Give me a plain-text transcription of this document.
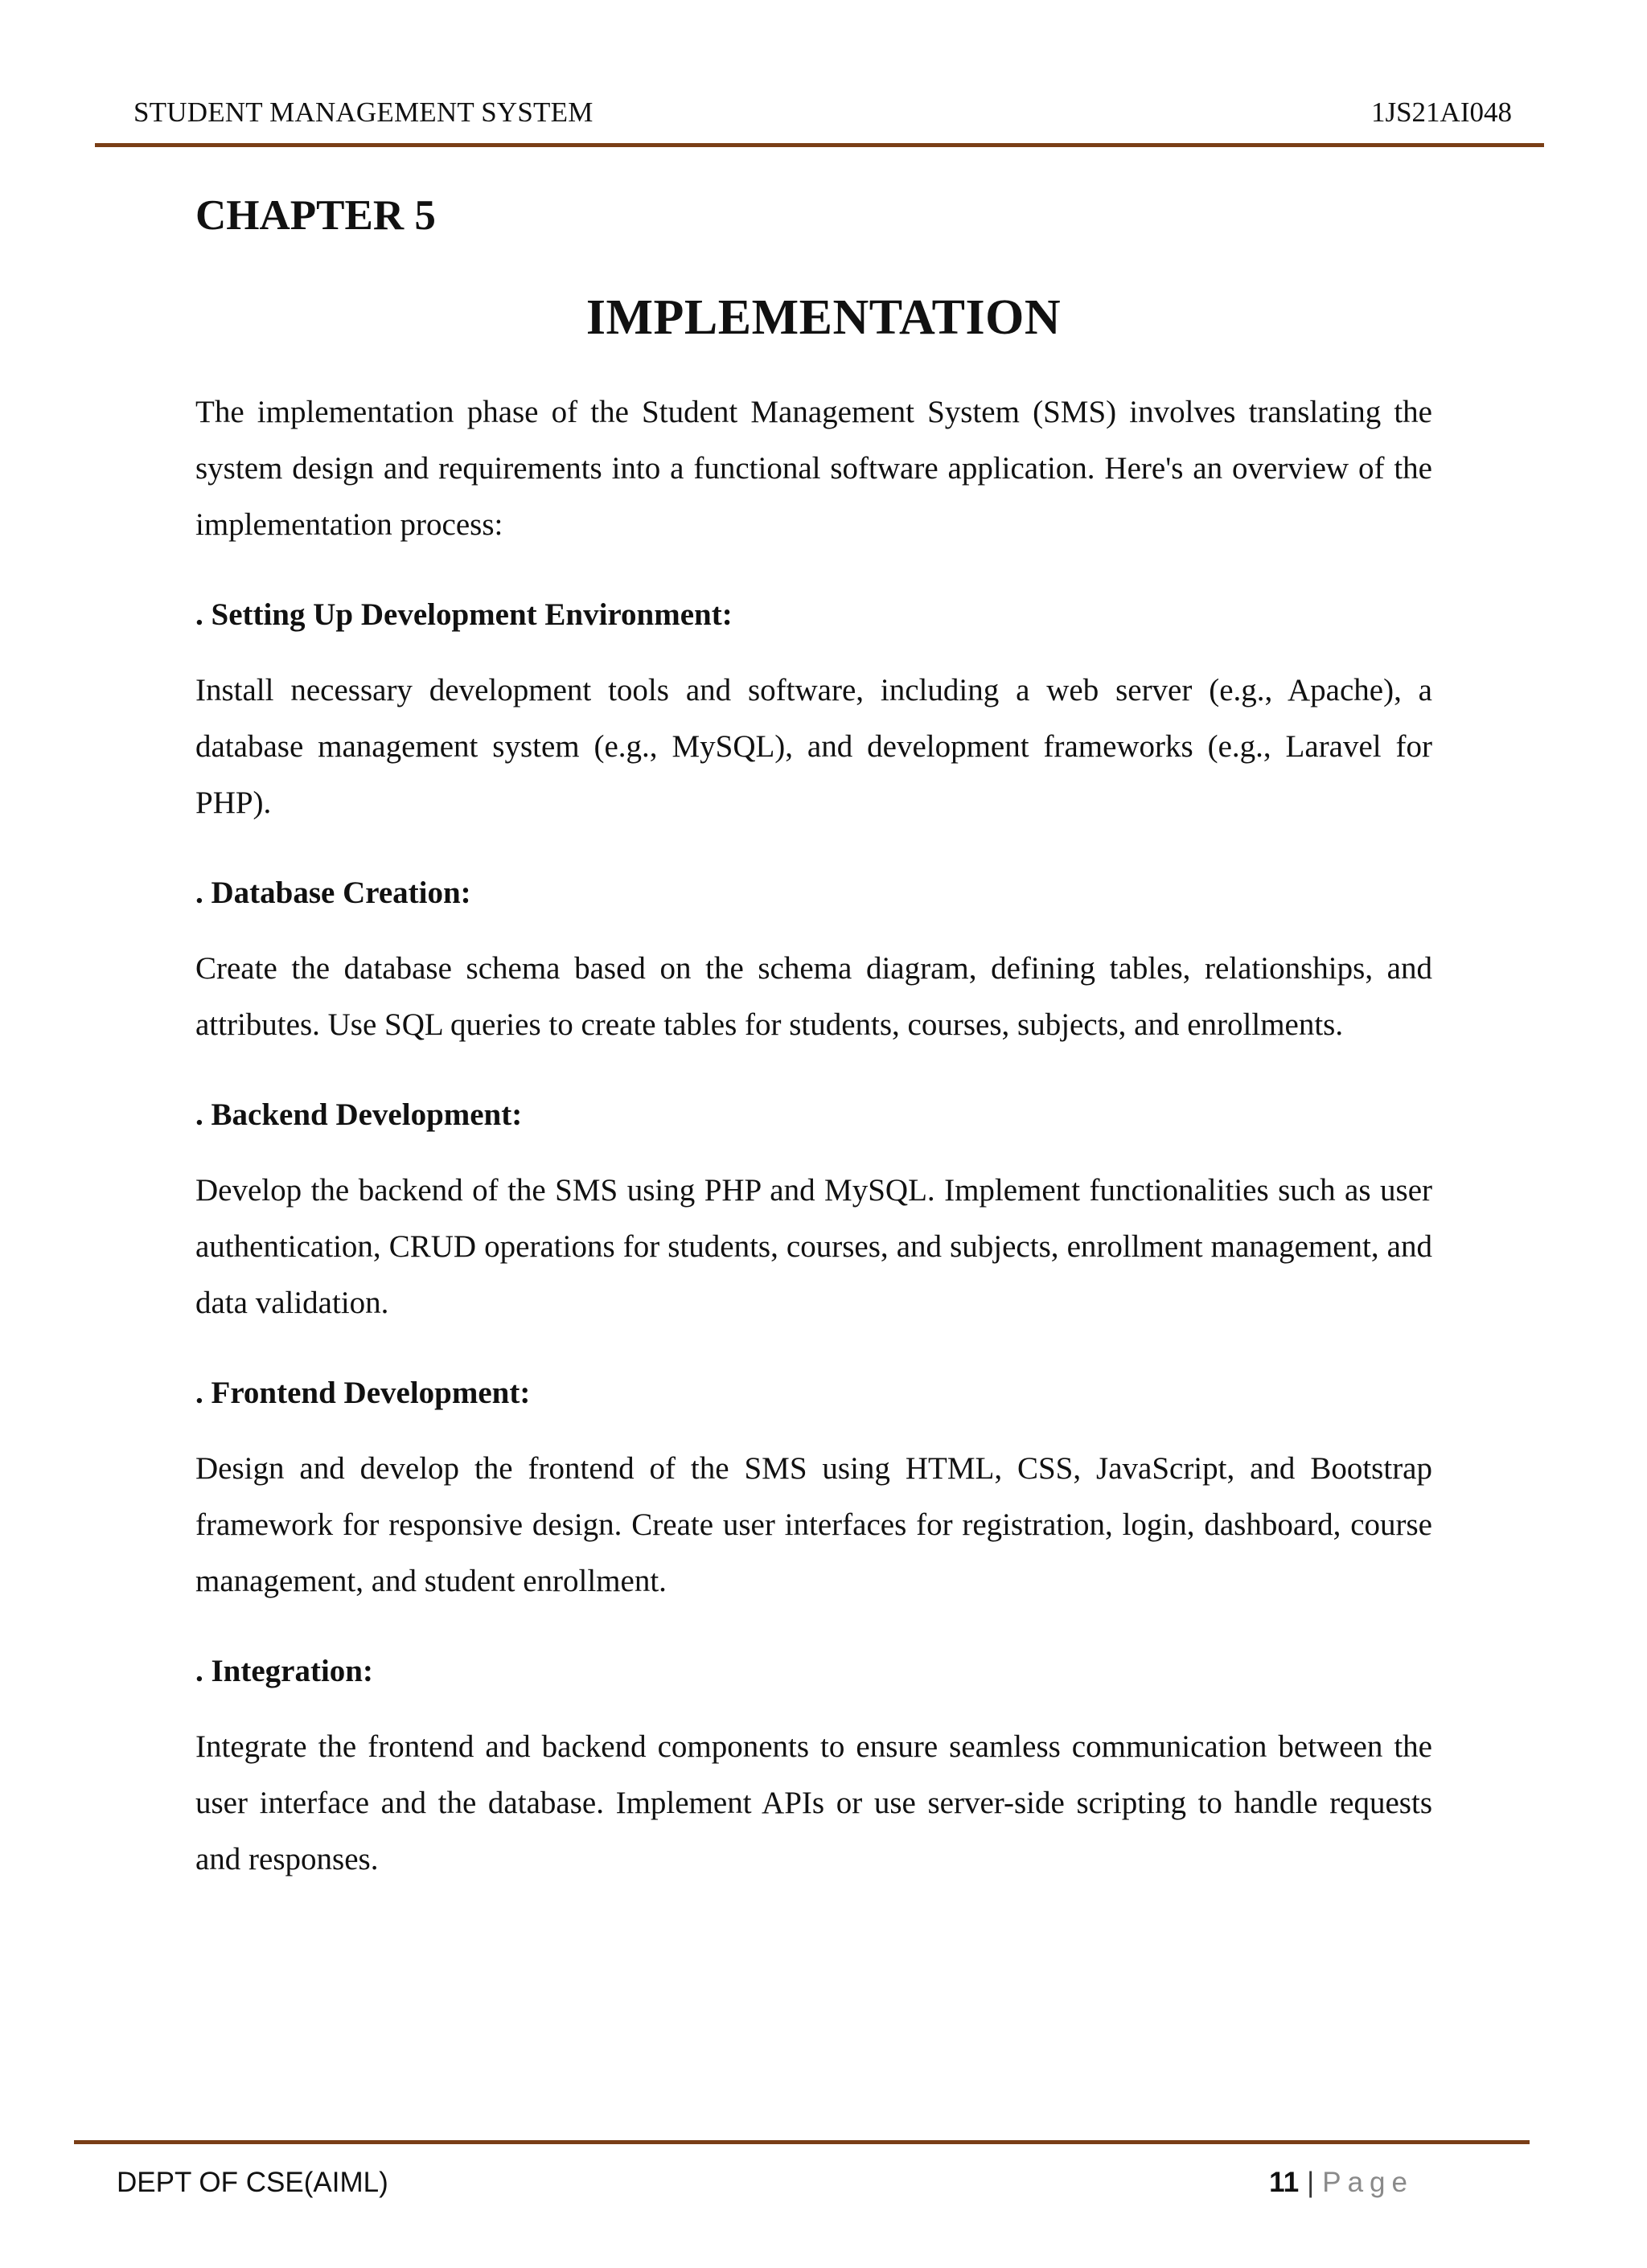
STUDENT MANAGEMENT SYSTEM	1JS21AI048
CHAPTER 5
IMPLEMENTATION

The implementation phase of the Student Management System (SMS) involves translating the system design and requirements into a functional software application. Here's an overview of the implementation process:

. Setting Up Development Environment:

Install necessary development tools and software, including a web server (e.g., Apache), a database management system (e.g., MySQL), and development frameworks (e.g., Laravel for PHP).

. Database Creation:

Create the database schema based on the schema diagram, defining tables, relationships, and attributes. Use SQL queries to create tables for students, courses, subjects, and enrollments.

. Backend Development:

Develop the backend of the SMS using PHP and MySQL. Implement functionalities such as user authentication, CRUD operations for students, courses, and subjects, enrollment management, and data validation.

. Frontend Development:

Design and develop the frontend of the SMS using HTML, CSS, JavaScript, and Bootstrap framework for responsive design. Create user interfaces for registration, login, dashboard, course management, and student enrollment.

. Integration:

Integrate the frontend and backend components to ensure seamless communication between the user interface and the database. Implement APIs or use server-side scripting to handle requests and responses.

DEPT OF CSE(AIML)	11 | Page
